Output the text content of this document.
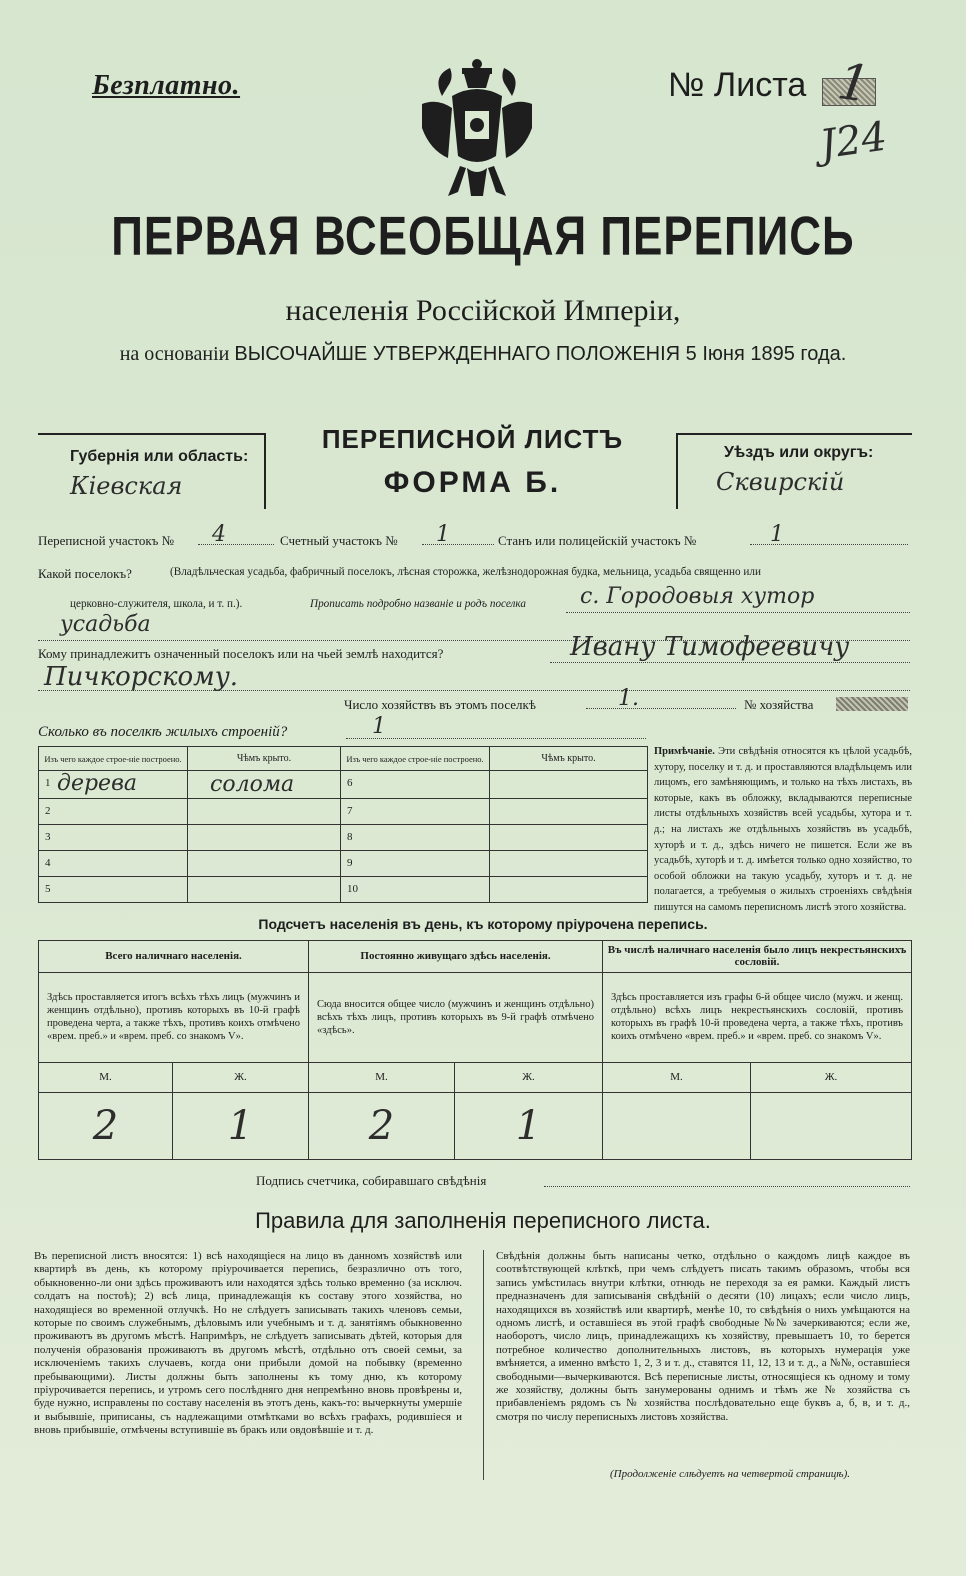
Безплатно.	№ Листа 1
J24
ПЕРВАЯ ВСЕОБЩАЯ ПЕРЕПИСЬ
населенія Россійской Имперіи,
на основаніи ВЫСОЧАЙШЕ УТВЕРЖДЕННАГО ПОЛОЖЕНІЯ 5 Іюня 1895 года.
Губернія или область:
Кіевская
ПЕРЕПИСНОЙ ЛИСТЪ
ФОРМА Б.
Уѣздъ или округъ:
Сквирскій
Переписной участокъ № 4	Счетный участокъ № 1	Станъ или полицейскій участокъ №	1
Какой поселокъ?	(Владѣльческая усадьба, фабричный поселокъ, лѣсная сторожка, желѣзнодорожная будка, мельница, усадьба священно или
церковно-служителя, школа, и т. п.).	Прописать подробно названіе и родъ поселка с. Городовыя хутор
усадьба
Кому принадлежитъ означенный поселокъ или на чьей землѣ находится?	Ивану Тимофеевичу
Пичкорскому.
Число хозяйствъ въ этомъ поселкѣ	1.	№ хозяйства
Сколько въ поселкѣ жилыхъ строеній?	1
Изъ чего каждое строе-ніе построено.	Чѣмъ крыто.	Изъ чего каждое строе-ніе построено.	Чѣмъ крыто.

1 дерева	солома	6	

2		7	

3		8	

4		9	

5		10	

Примѣчаніе. Эти свѣдѣнія относятся къ цѣлой усадьбѣ, хутору, поселку и т. д. и проставляются владѣльцемъ или лицомъ, его замѣняющимъ, и только на тѣхъ листахъ, въ которые, какъ въ обложку, вкладываются переписные листы отдѣльныхъ хозяйствъ всей усадьбы, хутора и т. д.; на листахъ же отдѣльныхъ хозяйствъ въ усадьбѣ, хуторѣ и т. д., здѣсь ничего не пишется. Если же въ усадьбѣ, хуторѣ и т. д. имѣется только одно хозяйство, то особой обложки на такую усадьбу, хуторъ и т. д. не полагается, а требуемыя о жилыхъ строеніяхъ свѣдѣнія пишутся на самомъ переписномъ листѣ этого хозяйства.
Подсчетъ населенія въ день, къ которому пріурочена перепись.
Всего наличнаго населенія.		Постоянно живущаго здѣсь населенія.		Въ числѣ наличнаго населенія было лицъ некрестьянскихъ сословій.	
Здѣсь проставляется итогъ всѣхъ тѣхъ лицъ (мужчинъ и женщинъ отдѣльно), противъ которыхъ въ 10-й графѣ проведена черта, а также тѣхъ, противъ коихъ отмѣчено «врем. преб.» и «врем. преб. со знакомъ V».		Сюда вносится общее число (мужчинъ и женщинъ отдѣльно) всѣхъ тѣхъ лицъ, противъ которыхъ въ 9-й графѣ отмѣчено «здѣсь».		Здѣсь проставляется изъ графы 6-й общее число (мужч. и женщ. отдѣльно) всѣхъ лицъ некрестьянскихъ сословій, противъ которыхъ въ графѣ 10-й проведена черта, а также тѣхъ, противъ коихъ отмѣчено «врем. преб.» и «врем. преб. со знакомъ V».	
М.	Ж.	М.	Ж.	М.	Ж.
2	1	2	1		
Подпись счетчика, собиравшаго свѣдѣнія
Правила для заполненія переписного листа.
Въ переписной листъ вносятся: 1) всѣ находящіеся на лицо въ данномъ хозяйствѣ или квартирѣ въ день, къ которому пріурочивается перепись, безразлично отъ того, обыкновенно-ли они здѣсь проживаютъ или находятся здѣсь только временно (за исключ. солдатъ на постоѣ); 2) всѣ лица, принадлежащія къ составу этого хозяйства, но находящіеся во временной отлучкѣ. Но не слѣдуетъ записывать такихъ членовъ семьи, которые по своимъ служебнымъ, дѣловымъ или учебнымъ и т. д. занятіямъ обыкновенно проживаютъ въ другомъ мѣстѣ. Напримѣръ, не слѣдуетъ записывать дѣтей, которыя для полученія образованія проживаютъ въ другомъ мѣстѣ, отдѣльно отъ своей семьи, за исключеніемъ такихъ случаевъ, когда они прибыли домой на побывку (временно пребывающими). Листы должны быть заполнены къ тому дню, къ которому пріурочивается перепись, и утромъ сего послѣдняго дня непремѣнно вновь провѣрены и, буде нужно, исправлены по составу населенія въ этотъ день, какъ-то: вычеркнуты умершіе и выбывшіе, приписаны, съ надлежащими отмѣтками во всѣхъ графахъ, родившіеся и вновь прибывшіе, отмѣчены вступившіе въ бракъ или овдовѣвшіе и т. д.
Свѣдѣнія должны быть написаны четко, отдѣльно о каждомъ лицѣ каждое въ соотвѣтствующей клѣткѣ, при чемъ слѣдуетъ писать такимъ образомъ, чтобы вся запись умѣстилась внутри клѣтки, отнюдь не переходя за ея рамки. Каждый листъ предназначенъ для записыванія свѣдѣній о десяти (10) лицахъ; если число лицъ, находящихся въ хозяйствѣ или квартирѣ, менѣе 10, то свѣдѣнія о нихъ умѣщаются на одномъ листѣ, и оставшіеся въ этой графѣ свободные №№ зачеркиваются; если же, наоборотъ, число лицъ, принадлежащихъ къ хозяйству, превышаетъ 10, то берется потребное количество дополнительныхъ листовъ, въ которыхъ нумерація уже вмѣняется, а именно вмѣсто 1, 2, 3 и т. д., ставятся 11, 12, 13 и т. д., а №№, оставшіеся свободными—вычеркиваются. Всѣ переписные листы, относящіеся къ одному и тому же хозяйству, должны быть занумерованы однимъ и тѣмъ же № хозяйства съ прибавленіемъ рядомъ съ № хозяйства послѣдовательно еще буквъ а, б, в, и т. д., смотря по числу переписныхъ листовъ хозяйства.
(Продолженіе слѣдуетъ на четвертой страницѣ).
